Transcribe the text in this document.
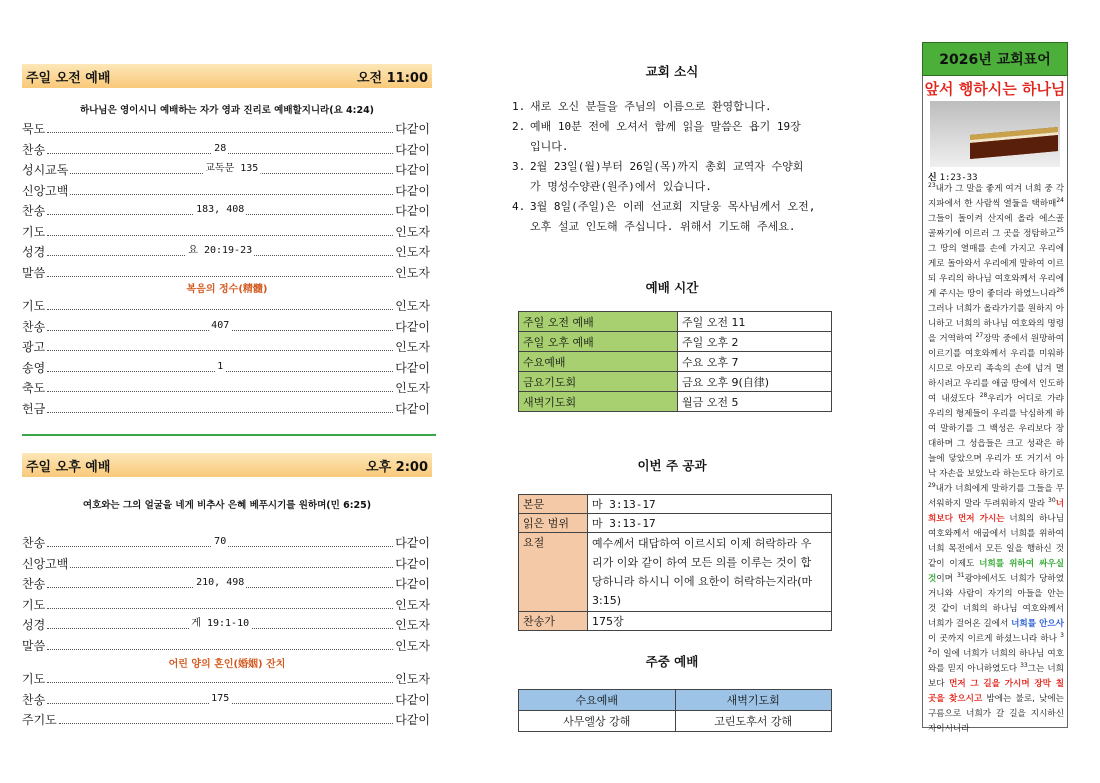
주일 오전 예배	오전 11:00
하나님은 영이시니 예배하는 자가 영과 진리로 예배할지니라(요 4:24)
묵도	다같이
찬송	28	다같이
성시교독	교독문 135	다같이
신앙고백	다같이
찬송	183, 408	다같이
기도	인도자
성경	요 20:19-23	인도자
말씀	인도자
복음의 정수(精髓)
기도	인도자
찬송	407	다같이
광고	인도자
송영	1	다같이
축도	인도자
헌금	다같이
주일 오후 예배	오후 2:00
여호와는 그의 얼굴을 네게 비추사 은혜 베푸시기를 원하며(민 6:25)
찬송	70	다같이
신앙고백	다같이
찬송	210, 498	다같이
기도	인도자
성경	게 19:1-10	인도자
말씀	인도자
어린 양의 혼인(婚姻) 잔치
기도	인도자
찬송	175	다같이
주기도	다같이
교회 소식
1. 새로 오신 분들을 주님의 이름으로 환영합니다.
2. 예배 10분 전에 오셔서 함께 읽을 말씀은 욥기 19장
입니다.
3. 2월 23일(월)부터 26일(목)까지 총회 교역자 수양회
가 명성수양관(원주)에서 있습니다.
4. 3월 8일(주일)은 이레 선교회 지달웅 목사님께서 오전,
오후 설교 인도해 주십니다. 위해서 기도해 주세요.
예배 시간
주일 오전 예배	주일 오전 11
주일 오후 예배	주일 오후 2
수요예배	수요 오후 7
금요기도회	금요 오후 9(自律)
새벽기도회	월금 오전 5
이번 주 공과
본문	마 3:13-17
읽은 범위	마 3:13-17
요절	예수께서 대답하여 이르시되 이제 허락하라 우
리가 이와 같이 하여 모든 의를 이루는 것이 합
당하니라 하시니 이에 요한이 허락하는지라(마
3:15)

찬송가	175장
주중 예배
수요예배	새벽기도회
사무엘상 강해	고린도후서 강해
2026년 교회표어
앞서 행하시는 하나님
신 1:23-33
$^{23}$내가 그 말을 좋게 여겨 너희 중 각 지파에서 한 사람씩 열둘을 택하매$^{24}$그들이 돌이켜 산지에 올라 에스골 골짜기에 이르러 그 곳을 정탐하고$^{25}$그 땅의 열매를 손에 가지고 우리에게로 돌아와서 우리에게 말하여 이르되 우리의 하나님 여호와께서 우리에게 주시는 땅이 좋더라 하였느니라$^{26}$그러나 너희가 올라가기를 원하지 아니하고 너희의 하나님 여호와의 명령을 거역하여 $^{27}$장막 중에서 원망하여 이르기를 여호와께서 우리를 미워하시므로 아모리 족속의 손에 넘겨 멸하시려고 우리를 애굽 땅에서 인도하여 내셨도다 $^{28}$우리가 어디로 가랴 우리의 형제들이 우리를 낙심하게 하여 말하기를 그 백성은 우리보다 장대하며 그 성읍들은 크고 성곽은 하늘에 닿았으며 우리가 또 거기서 아낙 자손을 보았노라 하는도다 하기로 $^{29}$내가 너희에게 말하기를 그들을 무서워하지 말라 두려워하지 말라 $^{30}$너희보다 먼저 가시는 너희의 하나님 여호와께서 애굽에서 너희를 위하여 너희 목전에서 모든 일을 행하신 것 같이 이제도 너희를 위하여 싸우실 것이며 $^{31}$광야에서도 너희가 당하였거니와 사람이 자기의 아들을 안는 것 같이 너희의 하나님 여호와께서 너희가 걸어온 길에서 너희를 안으사 이 곳까지 이르게 하셨느니라 하나 $^{32}$이 일에 너희가 너희의 하나님 여호와를 믿지 아니하였도다 $^{33}$그는 너희보다 먼저 그 길을 가시며 장막 칠 곳을 찾으시고 밤에는 불로, 낮에는 구름으로 너희가 갈 길을 지시하신 자이시니라
